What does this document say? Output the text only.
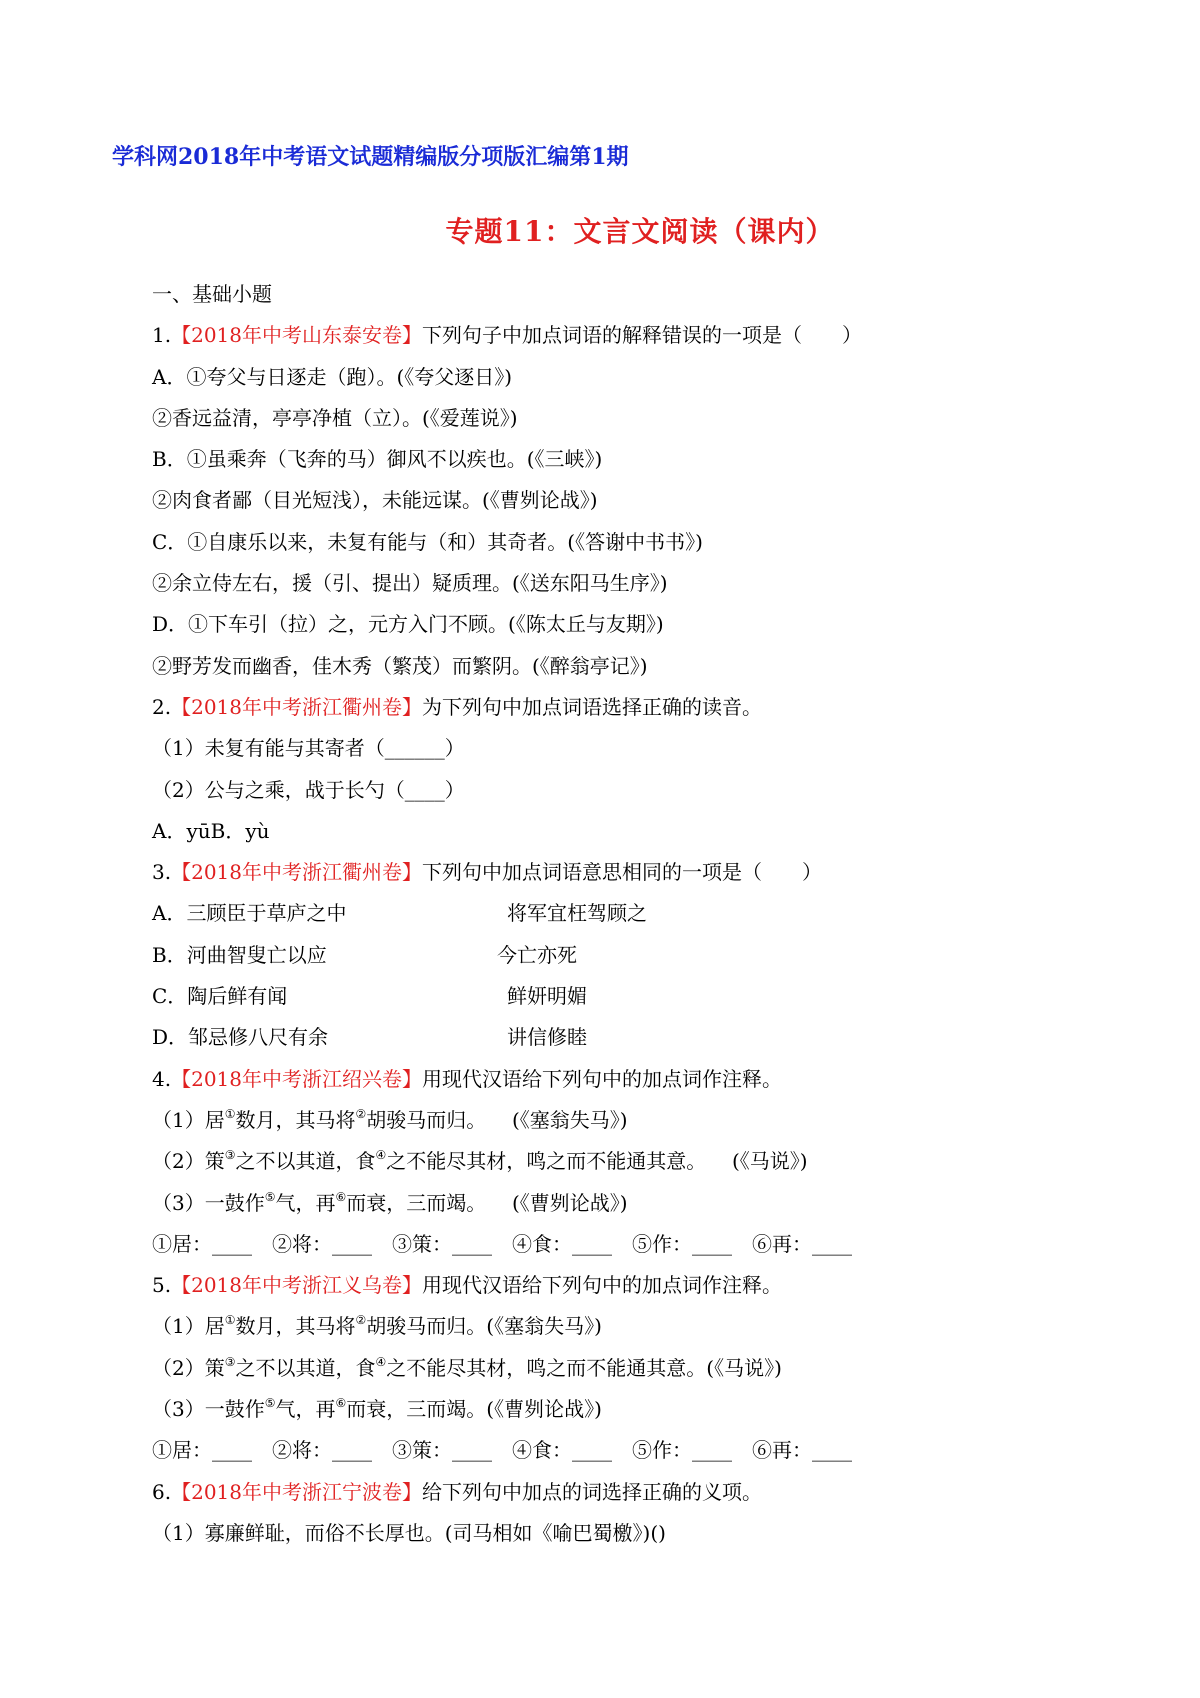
学科网2018年中考语文试题精编版分项版汇编第1期
专题11：文言文阅读（课内）
一、基础小题
1.【2018年中考山东泰安卷】下列句子中加点词语的解释错误的一项是（　　）
A．①夸父与日逐走（跑）。(《夸父逐日》)
②香远益清，亭亭净植（立）。(《爱莲说》)
B．①虽乘奔（飞奔的马）御风不以疾也。(《三峡》)
②肉食者鄙（目光短浅），未能远谋。(《曹刿论战》)
C．①自康乐以来，未复有能与（和）其奇者。(《答谢中书书》)
②余立侍左右，援（引、提出）疑质理。(《送东阳马生序》)
D．①下车引（拉）之，元方入门不顾。(《陈太丘与友期》)
②野芳发而幽香，佳木秀（繁茂）而繁阴。(《醉翁亭记》)
2.【2018年中考浙江衢州卷】为下列句中加点词语选择正确的读音。
（1）未复有能与其寄者（______）
（2）公与之乘，战于长勺（____）
A．yūB．yù
3.【2018年中考浙江衢州卷】下列句中加点词语意思相同的一项是（　　）
A．三顾臣于草庐之中	将军宜枉驾顾之
B．河曲智叟亡以应	今亡亦死
C．陶后鲜有闻	鲜妍明媚
D．邹忌修八尺有余	讲信修睦
4.【2018年中考浙江绍兴卷】用现代汉语给下列句中的加点词作注释。
（1）居①数月，其马将②胡骏马而归。 (《塞翁失马》)
（2）策③之不以其道，食④之不能尽其材，鸣之而不能通其意。 (《马说》)
（3）一鼓作⑤气，再⑥而衰，三而竭。 (《曹刿论战》)
①居：____　②将：____　③策：____　④食：____　⑤作：____　⑥再：____
5.【2018年中考浙江义乌卷】用现代汉语给下列句中的加点词作注释。
（1）居①数月，其马将②胡骏马而归。(《塞翁失马》)
（2）策③之不以其道，食④之不能尽其材，鸣之而不能通其意。(《马说》)
（3）一鼓作⑤气，再⑥而衰，三而竭。(《曹刿论战》)
①居：____　②将：____　③策：____　④食：____　⑤作：____　⑥再：____
6.【2018年中考浙江宁波卷】给下列句中加点的词选择正确的义项。
（1）寡廉鲜耻，而俗不长厚也。(司马相如《喻巴蜀檄》)()
